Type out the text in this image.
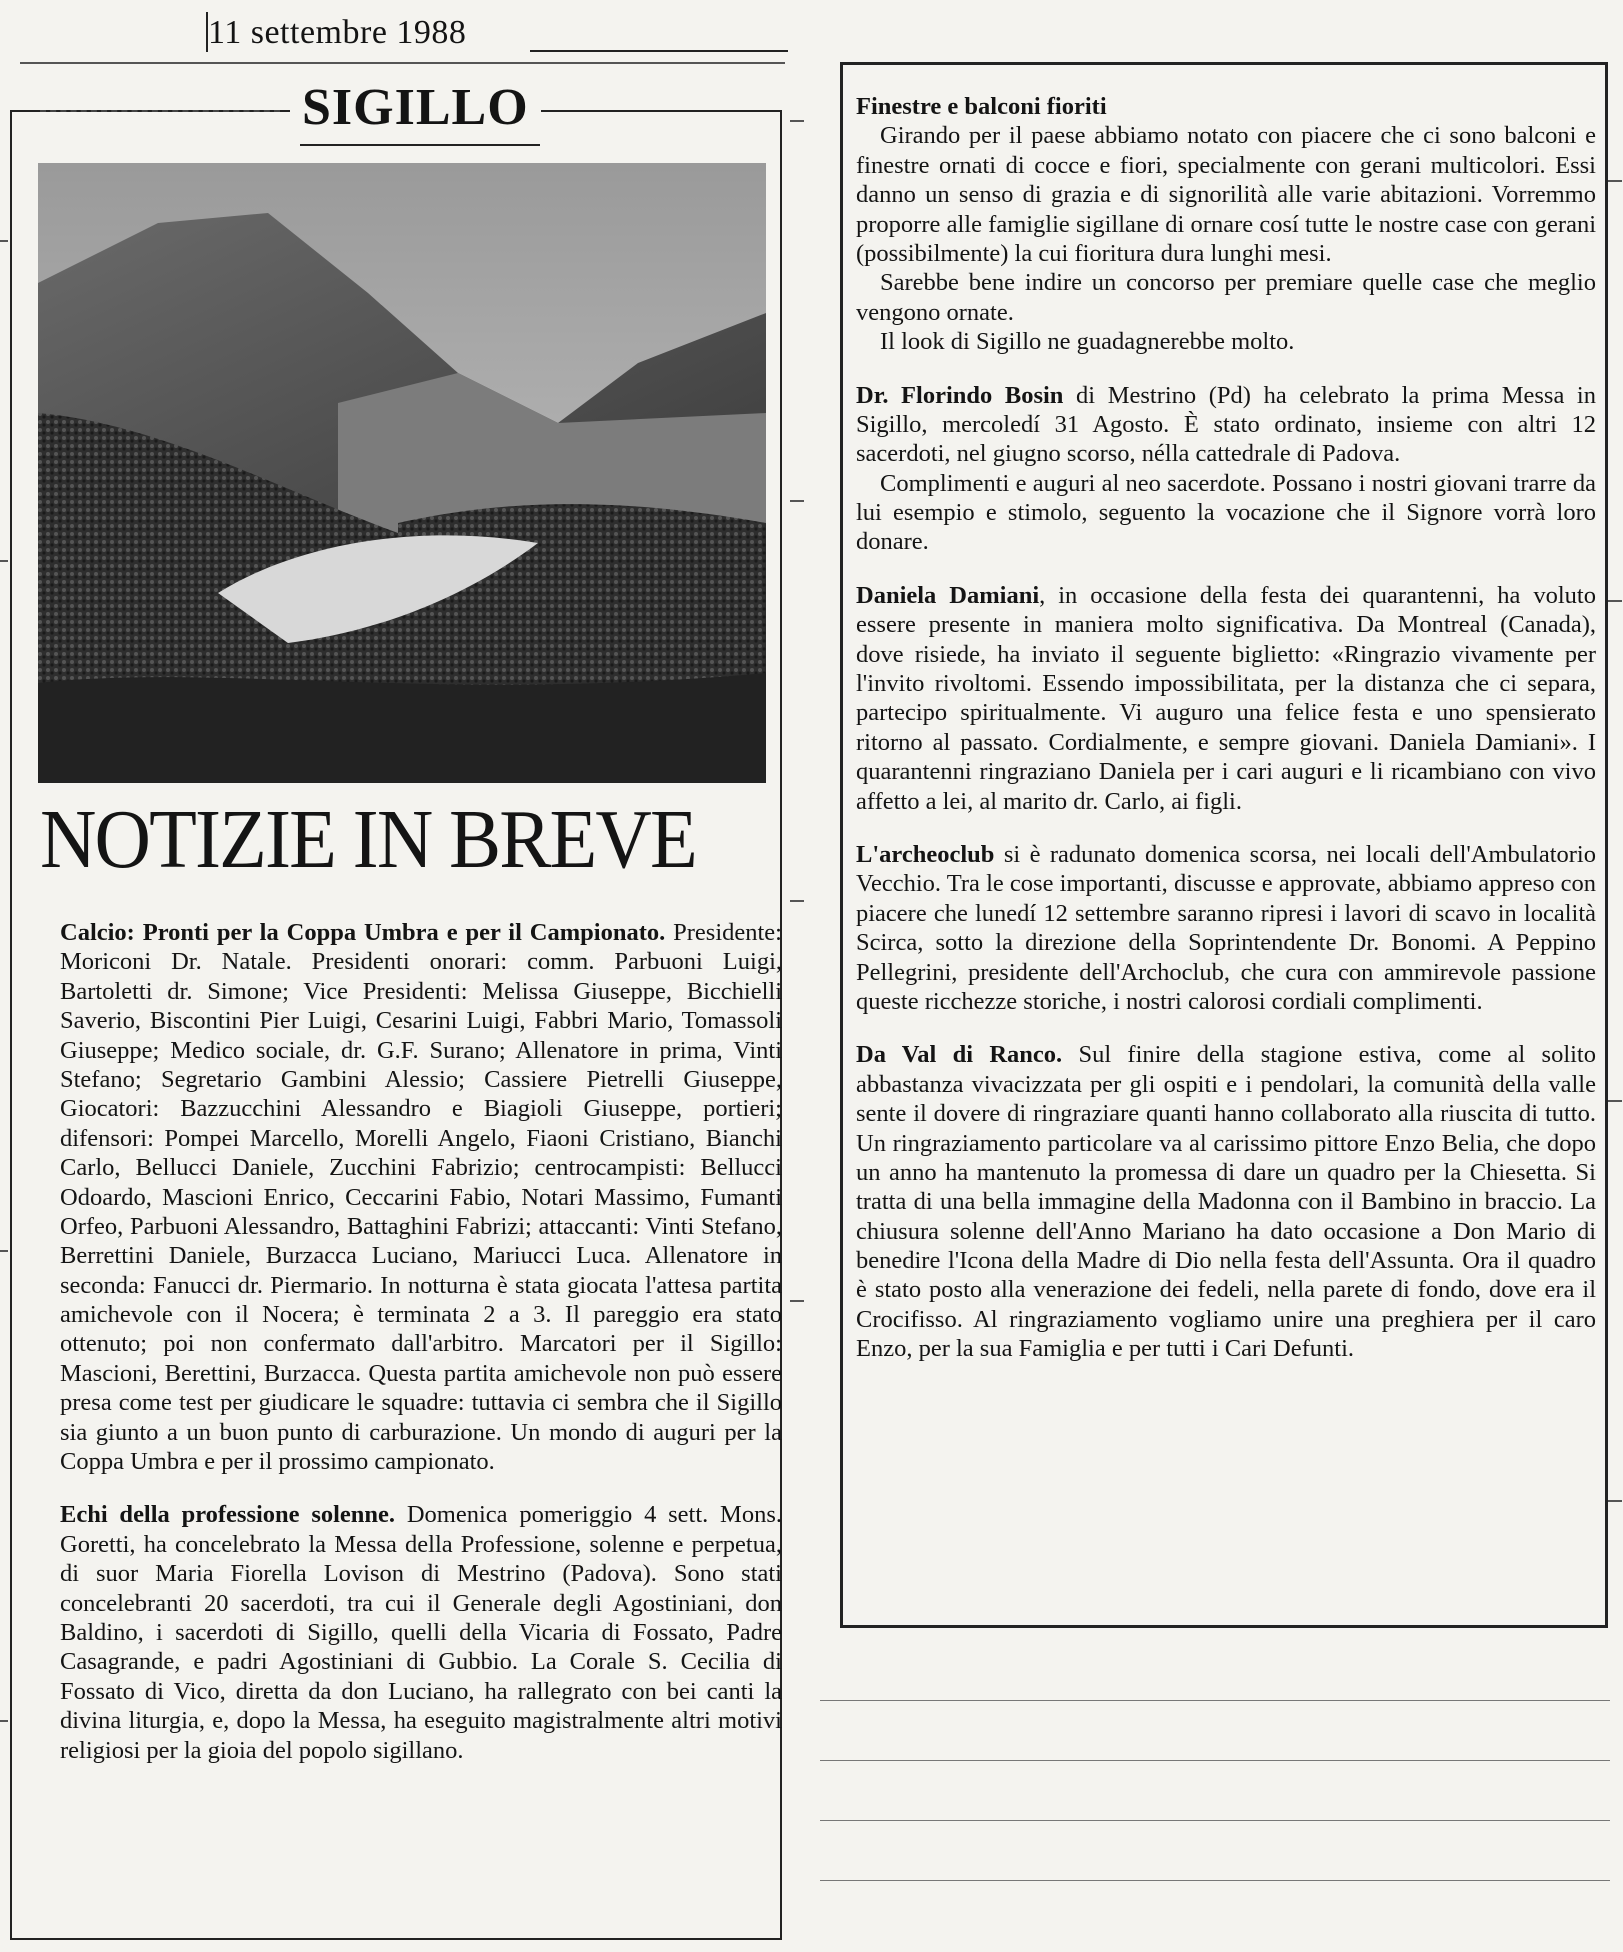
11 settembre 1988
SIGILLO
NOTIZIE IN BREVE

Calcio: Pronti per la Coppa Umbra e per il Campionato. Presidente: Moriconi Dr. Natale. Presidenti onorari: comm. Parbuoni Luigi, Bartoletti dr. Simone; Vice Presidenti: Melissa Giuseppe, Bicchielli Saverio, Biscontini Pier Luigi, Cesarini Luigi, Fabbri Mario, Tomassoli Giuseppe; Medico sociale, dr. G.F. Surano; Allenatore in prima, Vinti Stefano; Segretario Gambini Alessio; Cassiere Pietrelli Giuseppe, Giocatori: Bazzucchini Alessandro e Biagioli Giuseppe, portieri; difensori: Pompei Marcello, Morelli Angelo, Fiaoni Cristiano, Bianchi Carlo, Bellucci Daniele, Zucchini Fabrizio; centrocampisti: Bellucci Odoardo, Mascioni Enrico, Ceccarini Fabio, Notari Massimo, Fumanti Orfeo, Parbuoni Alessandro, Battaghini Fabrizi; attaccanti: Vinti Stefano, Berrettini Daniele, Burzacca Luciano, Mariucci Luca. Allenatore in seconda: Fanucci dr. Piermario. In notturna è stata giocata l'attesa partita amichevole con il Nocera; è terminata 2 a 3. Il pareggio era stato ottenuto; poi non confermato dall'arbitro. Marcatori per il Sigillo: Mascioni, Berettini, Burzacca. Questa partita amichevole non può essere presa come test per giudicare le squadre: tuttavia ci sembra che il Sigillo sia giunto a un buon punto di carburazione. Un mondo di auguri per la Coppa Umbra e per il prossimo campionato.

Echi della professione solenne. Domenica pomeriggio 4 sett. Mons. Goretti, ha concelebrato la Messa della Professione, solenne e perpetua, di suor Maria Fiorella Lovison di Mestrino (Padova). Sono stati concelebranti 20 sacerdoti, tra cui il Generale degli Agostiniani, don Baldino, i sacerdoti di Sigillo, quelli della Vicaria di Fossato, Padre Casagrande, e padri Agostiniani di Gubbio. La Corale S. Cecilia di Fossato di Vico, diretta da don Luciano, ha rallegrato con bei canti la divina liturgia, e, dopo la Messa, ha eseguito magistralmente altri motivi religiosi per la gioia del popolo sigillano.

Finestre e balconi fioriti

Girando per il paese abbiamo notato con piacere che ci sono balconi e finestre ornati di cocce e fiori, specialmente con gerani multicolori. Essi danno un senso di grazia e di signorilità alle varie abitazioni. Vorremmo proporre alle famiglie sigillane di ornare cosí tutte le nostre case con gerani (possibilmente) la cui fioritura dura lunghi mesi.

Sarebbe bene indire un concorso per premiare quelle case che meglio vengono ornate.

Il look di Sigillo ne guadagnerebbe molto.

Dr. Florindo Bosin di Mestrino (Pd) ha celebrato la prima Messa in Sigillo, mercoledí 31 Agosto. È stato ordinato, insieme con altri 12 sacerdoti, nel giugno scorso, nélla cattedrale di Padova.

Complimenti e auguri al neo sacerdote. Possano i nostri giovani trarre da lui esempio e stimolo, seguento la vocazione che il Signore vorrà loro donare.

Daniela Damiani, in occasione della festa dei quarantenni, ha voluto essere presente in maniera molto significativa. Da Montreal (Canada), dove risiede, ha inviato il seguente biglietto: «Ringrazio vivamente per l'invito rivoltomi. Essendo impossibilitata, per la distanza che ci separa, partecipo spiritualmente. Vi auguro una felice festa e uno spensierato ritorno al passato. Cordialmente, e sempre giovani. Daniela Damiani». I quarantenni ringraziano Daniela per i cari auguri e li ricambiano con vivo affetto a lei, al marito dr. Carlo, ai figli.

L'archeoclub si è radunato domenica scorsa, nei locali dell'Ambulatorio Vecchio. Tra le cose importanti, discusse e approvate, abbiamo appreso con piacere che lunedí 12 settembre saranno ripresi i lavori di scavo in località Scirca, sotto la direzione della Soprintendente Dr. Bonomi. A Peppino Pellegrini, presidente dell'Archoclub, che cura con ammirevole passione queste ricchezze storiche, i nostri calorosi cordiali complimenti.

Da Val di Ranco. Sul finire della stagione estiva, come al solito abbastanza vivacizzata per gli ospiti e i pendolari, la comunità della valle sente il dovere di ringraziare quanti hanno collaborato alla riuscita di tutto. Un ringraziamento particolare va al carissimo pittore Enzo Belia, che dopo un anno ha mantenuto la promessa di dare un quadro per la Chiesetta. Si tratta di una bella immagine della Madonna con il Bambino in braccio. La chiusura solenne dell'Anno Mariano ha dato occasione a Don Mario di benedire l'Icona della Madre di Dio nella festa dell'Assunta. Ora il quadro è stato posto alla venerazione dei fedeli, nella parete di fondo, dove era il Crocifisso. Al ringraziamento vogliamo unire una preghiera per il caro Enzo, per la sua Famiglia e per tutti i Cari Defunti.
